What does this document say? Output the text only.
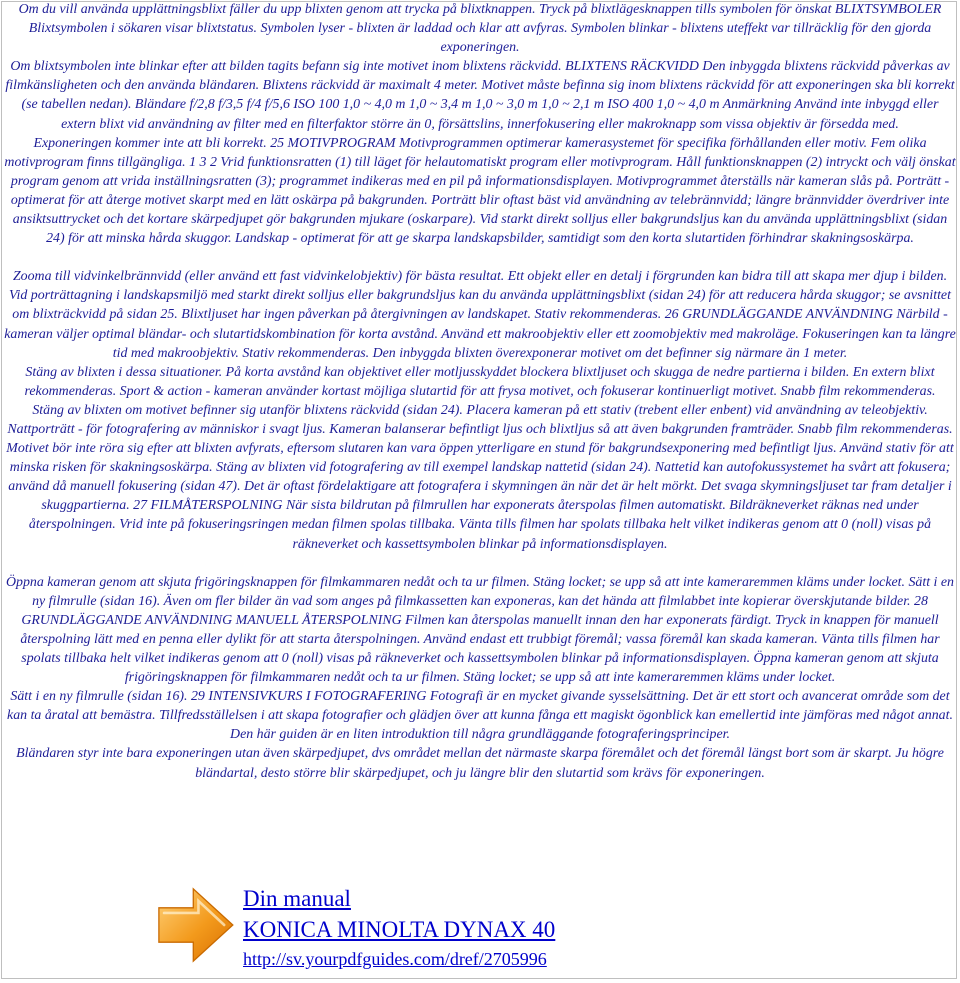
Om du vill använda upplättningsblixt fäller du upp blixten genom att trycka på blixtknappen. Tryck på blixtlägesknappen tills symbolen för önskat BLIXTSYMBOLER Blixtsymbolen i sökaren visar blixtstatus. Symbolen lyser - blixten är laddad och klar att avfyras. Symbolen blinkar - blixtens uteffekt var tillräcklig för den gjorda exponeringen.

Om blixtsymbolen inte blinkar efter att bilden tagits befann sig inte motivet inom blixtens räckvidd. BLIXTENS RÄCKVIDD Den inbyggda blixtens räckvidd påverkas av filmkänsligheten och den använda bländaren. Blixtens räckvidd är maximalt 4 meter. Motivet måste befinna sig inom blixtens räckvidd för att exponeringen ska bli korrekt (se tabellen nedan). Bländare f/2,8 f/3,5 f/4 f/5,6 ISO 100 1,0 ~ 4,0 m 1,0 ~ 3,4 m 1,0 ~ 3,0 m 1,0 ~ 2,1 m ISO 400 1,0 ~ 4,0 m Anmärkning Använd inte inbyggd eller extern blixt vid användning av filter med en filterfaktor större än 0, försättslins, innerfokusering eller makroknapp som vissa objektiv är försedda med.

Exponeringen kommer inte att bli korrekt. 25 MOTIVPROGRAM Motivprogrammen optimerar kamerasystemet för specifika förhållanden eller motiv. Fem olika motivprogram finns tillgängliga. 1 3 2 Vrid funktionsratten (1) till läget för helautomatiskt program eller motivprogram. Håll funktionsknappen (2) intryckt och välj önskat program genom att vrida inställningsratten (3); programmet indikeras med en pil på informationsdisplayen. Motivprogrammet återställs när kameran slås på. Porträtt - optimerat för att återge motivet skarpt med en lätt oskärpa på bakgrunden. Porträtt blir oftast bäst vid användning av telebrännvidd; längre brännvidder överdriver inte ansiktsuttrycket och det kortare skärpedjupet gör bakgrunden mjukare (oskarpare). Vid starkt direkt solljus eller bakgrundsljus kan du använda upplättningsblixt (sidan 24) för att minska hårda skuggor. Landskap - optimerat för att ge skarpa landskapsbilder, samtidigt som den korta slutartiden förhindrar skakningsoskärpa.

Zooma till vidvinkelbrännvidd (eller använd ett fast vidvinkelobjektiv) för bästa resultat. Ett objekt eller en detalj i förgrunden kan bidra till att skapa mer djup i bilden. Vid porträttagning i landskapsmiljö med starkt direkt solljus eller bakgrundsljus kan du använda upplättningsblixt (sidan 24) för att reducera hårda skuggor; se avsnittet om blixträckvidd på sidan 25. Blixtljuset har ingen påverkan på återgivningen av landskapet. Stativ rekommenderas. 26 GRUNDLÄGGANDE ANVÄNDNING Närbild - kameran väljer optimal bländar- och slutartidskombination för korta avstånd. Använd ett makroobjektiv eller ett zoomobjektiv med makroläge. Fokuseringen kan ta längre tid med makroobjektiv. Stativ rekommenderas. Den inbyggda blixten överexponerar motivet om det befinner sig närmare än 1 meter.

Stäng av blixten i dessa situationer. På korta avstånd kan objektivet eller motljusskyddet blockera blixtljuset och skugga de nedre partierna i bilden. En extern blixt rekommenderas. Sport & action - kameran använder kortast möjliga slutartid för att frysa motivet, och fokuserar kontinuerligt motivet. Snabb film rekommenderas.

Stäng av blixten om motivet befinner sig utanför blixtens räckvidd (sidan 24). Placera kameran på ett stativ (trebent eller enbent) vid användning av teleobjektiv. Nattporträtt - för fotografering av människor i svagt ljus. Kameran balanserar befintligt ljus och blixtljus så att även bakgrunden framträder. Snabb film rekommenderas.

Motivet bör inte röra sig efter att blixten avfyrats, eftersom slutaren kan vara öppen ytterligare en stund för bakgrundsexponering med befintligt ljus. Använd stativ för att minska risken för skakningsoskärpa. Stäng av blixten vid fotografering av till exempel landskap nattetid (sidan 24). Nattetid kan autofokussystemet ha svårt att fokusera; använd då manuell fokusering (sidan 47). Det är oftast fördelaktigare att fotografera i skymningen än när det är helt mörkt. Det svaga skymningsljuset tar fram detaljer i skuggpartierna. 27 FILMÅTERSPOLNING När sista bildrutan på filmrullen har exponerats återspolas filmen automatiskt. Bildräkneverket räknas ned under återspolningen. Vrid inte på fokuseringsringen medan filmen spolas tillbaka. Vänta tills filmen har spolats tillbaka helt vilket indikeras genom att 0 (noll) visas på räkneverket och kassettsymbolen blinkar på informationsdisplayen.

Öppna kameran genom att skjuta frigöringsknappen för filmkammaren nedåt och ta ur filmen. Stäng locket; se upp så att inte kameraremmen kläms under locket. Sätt i en ny filmrulle (sidan 16). Även om fler bilder än vad som anges på filmkassetten kan exponeras, kan det hända att filmlabbet inte kopierar överskjutande bilder. 28 GRUNDLÄGGANDE ANVÄNDNING MANUELL ÅTERSPOLNING Filmen kan återspolas manuellt innan den har exponerats färdigt. Tryck in knappen för manuell återspolning lätt med en penna eller dylikt för att starta återspolningen. Använd endast ett trubbigt föremål; vassa föremål kan skada kameran. Vänta tills filmen har spolats tillbaka helt vilket indikeras genom att 0 (noll) visas på räkneverket och kassettsymbolen blinkar på informationsdisplayen. Öppna kameran genom att skjuta frigöringsknappen för filmkammaren nedåt och ta ur filmen. Stäng locket; se upp så att inte kameraremmen kläms under locket.

Sätt i en ny filmrulle (sidan 16). 29 INTENSIVKURS I FOTOGRAFERING Fotografi är en mycket givande sysselsättning. Det är ett stort och avancerat område som det kan ta åratal att bemästra. Tillfredsställelsen i att skapa fotografier och glädjen över att kunna fånga ett magiskt ögonblick kan emellertid inte jämföras med något annat. Den här guiden är en liten introduktion till några grundläggande fotograferingsprinciper.

Bländaren styr inte bara exponeringen utan även skärpedjupet, dvs området mellan det närmaste skarpa föremålet och det föremål längst bort som är skarpt. Ju högre bländartal, desto större blir skärpedjupet, och ju längre blir den slutartid som krävs för exponeringen.

Din manual
KONICA MINOLTA DYNAX 40
http://sv.yourpdfguides.com/dref/2705996
